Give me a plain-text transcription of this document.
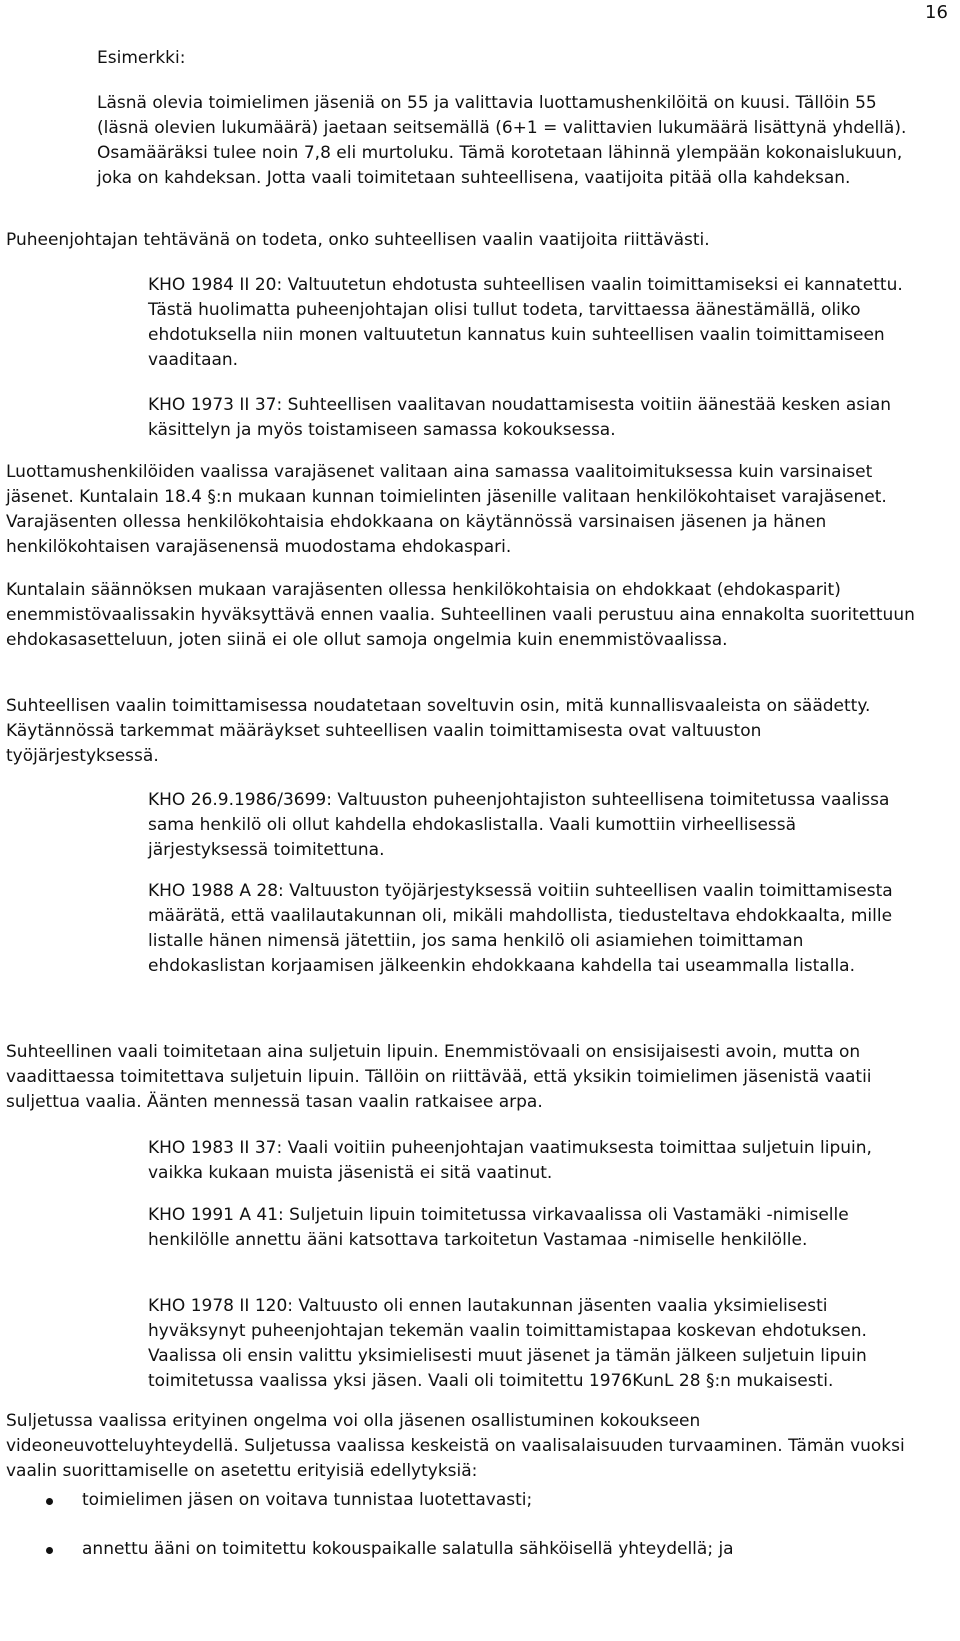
16

Esimerkki:

Läsnä olevia toimielimen jäseniä on 55 ja valittavia luottamushenkilöitä on kuusi. Tällöin 55 (läsnä olevien lukumäärä) jaetaan seitsemällä (6+1 = valittavien lukumäärä lisättynä yhdellä). Osamääräksi tulee noin 7,8 eli murtoluku. Tämä korotetaan lähinnä ylempään kokonaislukuun, joka on kahdeksan. Jotta vaali toimitetaan suhteellisena, vaatijoita pitää olla kahdeksan.

Puheenjohtajan tehtävänä on todeta, onko suhteellisen vaalin vaatijoita riittävästi.

KHO 1984 II 20: Valtuutetun ehdotusta suhteellisen vaalin toimittamiseksi ei kannatettu. Tästä huolimatta puheenjohtajan olisi tullut todeta, tarvittaessa äänestämällä, oliko ehdotuksella niin monen valtuutetun kannatus kuin suhteellisen vaalin toimittamiseen vaaditaan.

KHO 1973 II 37: Suhteellisen vaalitavan noudattamisesta voitiin äänestää kesken asian käsittelyn ja myös toistamiseen samassa kokouksessa.

Luottamushenkilöiden vaalissa varajäsenet valitaan aina samassa vaalitoimituksessa kuin varsinaiset jäsenet. Kuntalain 18.4 §:n mukaan kunnan toimielinten jäsenille valitaan henkilökohtaiset varajäsenet. Varajäsenten ollessa henkilökohtaisia ehdokkaana on käytännössä varsinaisen jäsenen ja hänen henkilökohtaisen varajäsenensä muodostama ehdokaspari.

Kuntalain säännöksen mukaan varajäsenten ollessa henkilökohtaisia on ehdokkaat (ehdokasparit) enemmistövaalissakin hyväksyttävä ennen vaalia. Suhteellinen vaali perustuu aina ennakolta suoritettuun ehdokasasetteluun, joten siinä ei ole ollut samoja ongelmia kuin enemmistövaalissa.

Suhteellisen vaalin toimittamisessa noudatetaan soveltuvin osin, mitä kunnallisvaaleista on säädetty. Käytännössä tarkemmat määräykset suhteellisen vaalin toimittamisesta ovat valtuuston työjärjestyksessä.

KHO 26.9.1986/3699: Valtuuston puheenjohtajiston suhteellisena toimitetussa vaalissa sama henkilö oli ollut kahdella ehdokaslistalla. Vaali kumottiin virheellisessä järjestyksessä toimitettuna.

KHO 1988 A 28: Valtuuston työjärjestyksessä voitiin suhteellisen vaalin toimittamisesta määrätä, että vaalilautakunnan oli, mikäli mahdollista, tiedusteltava ehdokkaalta, mille listalle hänen nimensä jätettiin, jos sama henkilö oli asiamiehen toimittaman ehdokaslistan korjaamisen jälkeenkin ehdokkaana kahdella tai useammalla listalla.

Suhteellinen vaali toimitetaan aina suljetuin lipuin. Enemmistövaali on ensisijaisesti avoin, mutta on vaadittaessa toimitettava suljetuin lipuin. Tällöin on riittävää, että yksikin toimielimen jäsenistä vaatii suljettua vaalia. Äänten mennessä tasan vaalin ratkaisee arpa.

KHO 1983 II 37: Vaali voitiin puheenjohtajan vaatimuksesta toimittaa suljetuin lipuin, vaikka kukaan muista jäsenistä ei sitä vaatinut.

KHO 1991 A 41: Suljetuin lipuin toimitetussa virkavaalissa oli Vastamäki -nimiselle henkilölle annettu ääni katsottava tarkoitetun Vastamaa -nimiselle henkilölle.

KHO 1978 II 120: Valtuusto oli ennen lautakunnan jäsenten vaalia yksimielisesti hyväksynyt puheenjohtajan tekemän vaalin toimittamistapaa koskevan ehdotuksen. Vaalissa oli ensin valittu yksimielisesti muut jäsenet ja tämän jälkeen suljetuin lipuin toimitetussa vaalissa yksi jäsen. Vaali oli toimitettu 1976KunL 28 §:n mukaisesti.

Suljetussa vaalissa erityinen ongelma voi olla jäsenen osallistuminen kokoukseen videoneuvotteluyhteydellä. Suljetussa vaalissa keskeistä on vaalisalaisuuden turvaaminen. Tämän vuoksi vaalin suorittamiselle on asetettu erityisiä edellytyksiä:

toimielimen jäsen on voitava tunnistaa luotettavasti;
annettu ääni on toimitettu kokouspaikalle salatulla sähköisellä yhteydellä; ja
